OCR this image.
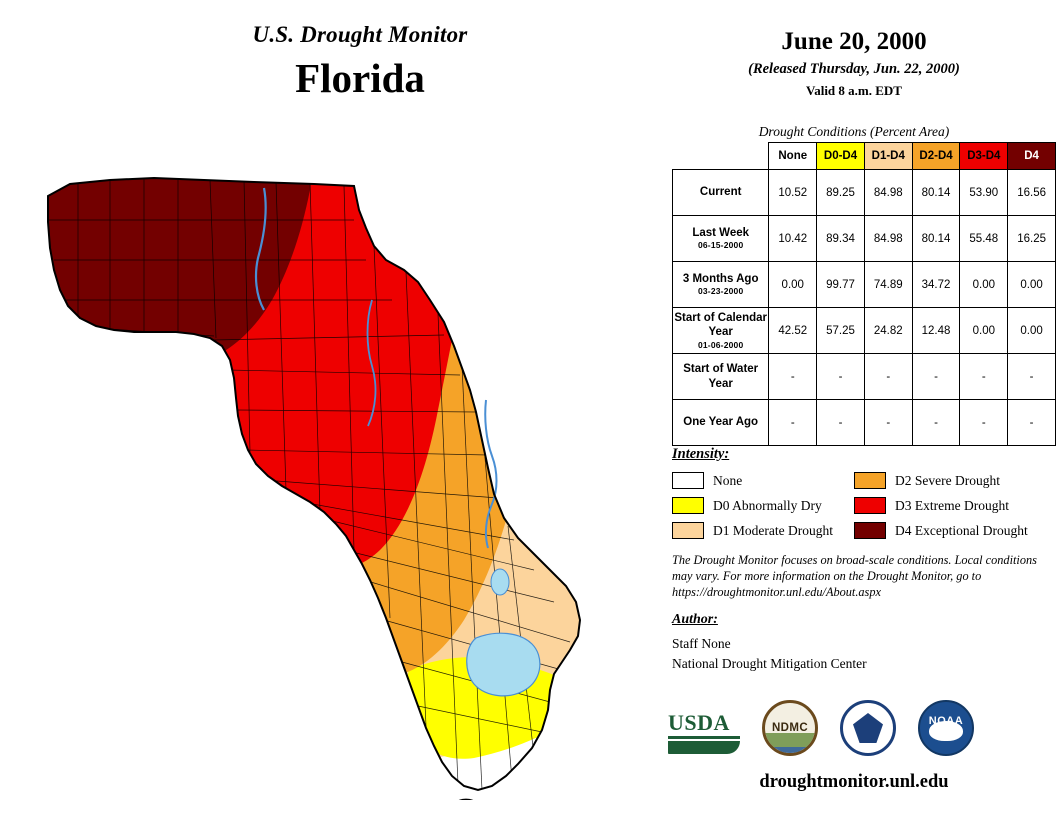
U.S. Drought Monitor
Florida
June 20, 2000
(Released Thursday, Jun. 22, 2000)
Valid 8 a.m. EDT
Drought Conditions (Percent Area)
	None	D0-D4	D1-D4	D2-D4	D3-D4	D4
Current	10.52	89.25	84.98	80.14	53.90	16.56
Last Week
06-15-2000	10.42	89.34	84.98	80.14	55.48	16.25
3 Months Ago
03-23-2000	0.00	99.77	74.89	34.72	0.00	0.00
Start of Calendar Year
01-06-2000	42.52	57.25	24.82	12.48	0.00	0.00
Start of Water Year	-	-	-	-	-	-
One Year Ago	-	-	-	-	-	-
Intensity:
None	D2 Severe Drought
D0 Abnormally Dry	D3 Extreme Drought
D1 Moderate Drought	D4 Exceptional Drought
The Drought Monitor focuses on broad-scale conditions. Local conditions may vary. For more information on the Drought Monitor, go to https://droughtmonitor.unl.edu/About.aspx
Author:
Staff None
National Drought Mitigation Center
USDA	NDMC
NOAA
droughtmonitor.unl.edu
